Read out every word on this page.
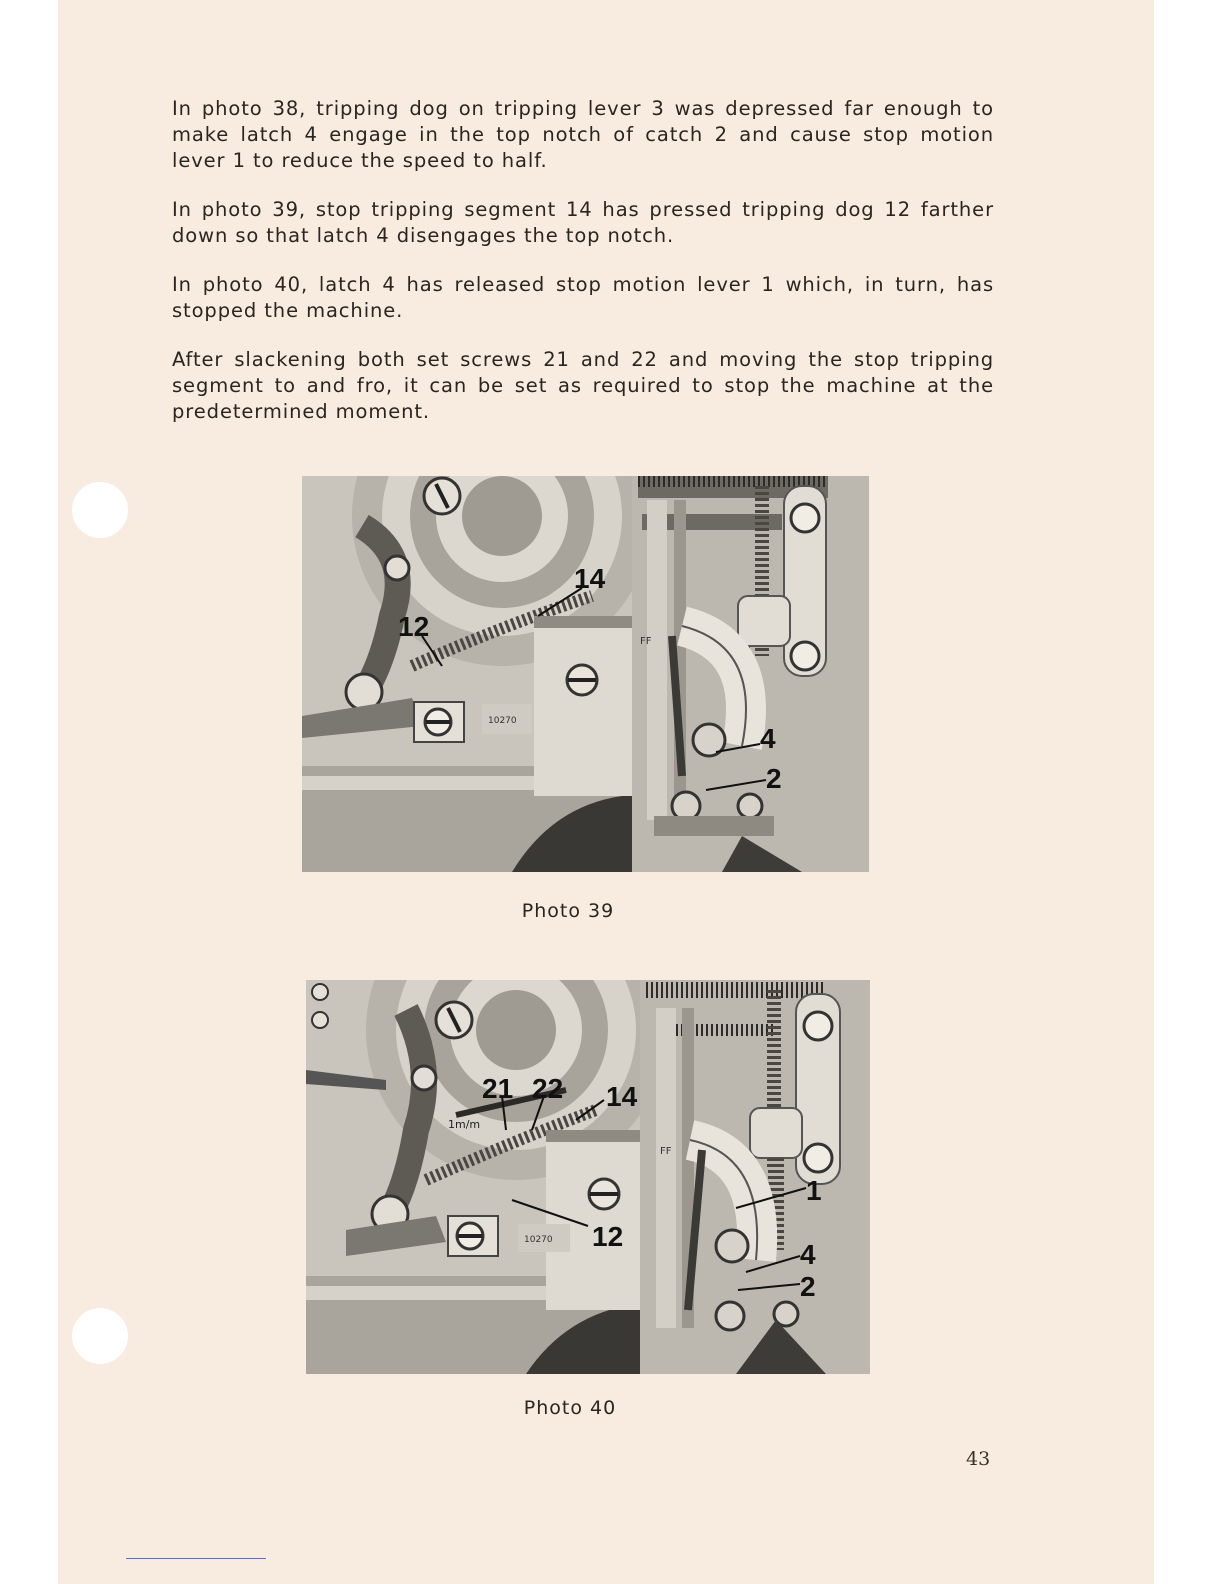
In photo 38, tripping dog on tripping lever 3 was depressed far enough to make latch 4 engage in the top notch of catch 2 and cause stop motion lever 1 to reduce the speed to half.

In photo 39, stop tripping segment 14 has pressed tripping dog 12 farther down so that latch 4 disengages the top notch.

In photo 40, latch 4 has released stop motion lever 1 which, in turn, has stopped the machine.

After slackening both set screws 21 and 22 and moving the stop tripping segment to and fro, it can be set as required to stop the machine at the predetermined moment.

10270
FF
14
12
4
2
Photo 39
1m/m
10270
FF
21 22 14
12
1
4
2
Photo 40
43
